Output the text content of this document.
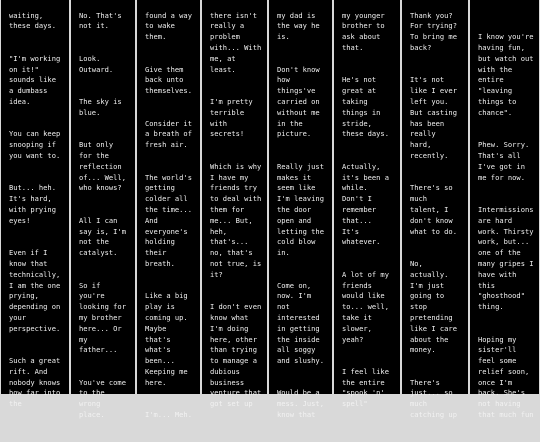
waiting,
these days.

"I'm working
on it!"
sounds like
a dumbass
idea.

You can keep
snooping if
you want to.

But... heh.
It's hard,
with prying
eyes!

Even if I
know that
technically,
I am the one
prying,
depending on
your
perspective.

Such a great
rift. And
nobody knows
how far into
the

No. That's
not it.

Look.
Outward.

The sky is
blue.

But only
for the
reflection
of... Well,
who knows?

All I can
say is, I'm
not the
catalyst.

So if
you're
looking for
my brother
here... Or
my
father...

You've come
to the
wrong
place.

found a way
to wake
them.

Give them
back unto
themselves.

Consider it
a breath of
fresh air.

The world's
getting
colder all
the time...
And
everyone's
holding
their
breath.

Like a big
play is
coming up.
Maybe
that's
what's
been...
Keeping me
here.

I'm... Meh.

there isn't
really a
problem
with... With
me, at
least.

I'm pretty
terrible
with
secrets!

Which is why
I have my
friends try
to deal with
them for
me... But,
heh,
that's...
no, that's
not true, is
it?

I don't even
know what
I'm doing
here, other
than trying
to manage a
dubious
business
venture that
got set up

my dad is
the way he
is.

Don't know
how
things've
carried on
without me
in the
picture.

Really just
makes it
seem like
I'm leaving
the door
open and
letting the
cold blow
in.

Come on,
now. I'm
not
interested
in getting
the inside
all soggy
and slushy.

Would be a
mess. Just,
know that

my younger
brother to
ask about
that.

He's not
great at
taking
things in
stride,
these days.

Actually,
it's been a
while.
Don't I
remember
that...
It's
whatever.

A lot of my
friends
would like
to... well,
take it
slower,
yeah?

I feel like
the entire
"spook 'n'
spell"

Thank you?
For trying?
To bring me
back?

It's not
like I ever
left you.
But casting
has been
really
hard,
recently.

There's so
much
talent, I
don't know
what to do.

No,
actually.
I'm just
going to
stop
pretending
like I care
about the
money.

There's
just... so
much
catching up

I know you're
having fun,
but watch out
with the
entire
"leaving
things to
chance".

Phew. Sorry.
That's all
I've got in
me for now.

Intermissions
are hard
work. Thirsty
work, but...
one of the
many gripes I
have with
this
"ghosthood"
thing.

Hoping my
sister'll
feel some
relief soon,
once I'm
back. She's
not having
that much fun
